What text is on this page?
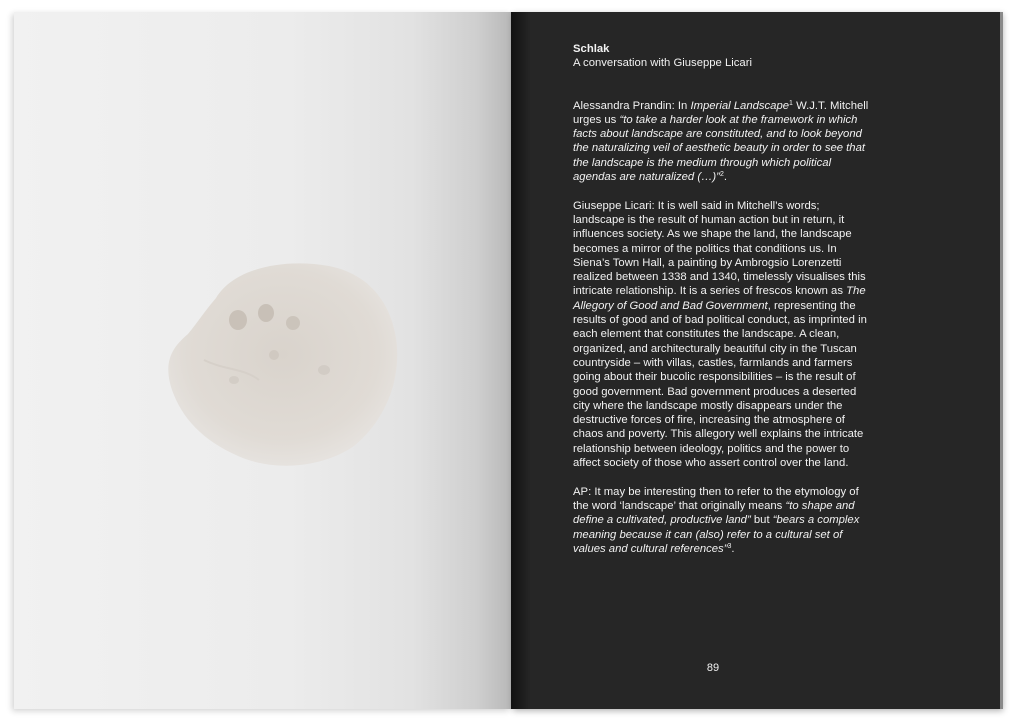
Schlak
A conversation with Giuseppe Licari

Alessandra Prandin: In Imperial Landscape$^1$ W.J.T. Mitchell urges us “to take a harder look at the framework in which facts about landscape are constituted, and to look beyond the naturalizing veil of aesthetic beauty in order to see that the landscape is the medium through which political agendas are naturalized (…)”$^2$.

Giuseppe Licari: It is well said in Mitchell’s words; landscape is the result of human action but in return, it influences society. As we shape the land, the landscape becomes a mirror of the politics that conditions us. In Siena’s Town Hall, a painting by Ambrogsio Lorenzetti realized between 1338 and 1340, timelessly visualises this intricate relationship. It is a series of frescos known as The Allegory of Good and Bad Government, representing the results of good and of bad political conduct, as imprinted in each element that constitutes the landscape. A clean, organized, and architecturally beautiful city in the Tuscan countryside – with villas, castles, farmlands and farmers going about their bucolic responsibilities – is the result of good government. Bad government produces a deserted city where the landscape mostly disappears under the destructive forces of fire, increasing the atmosphere of chaos and poverty. This allegory well explains the intricate relationship between ideology, politics and the power to affect society of those who assert control over the land.

AP: It may be interesting then to refer to the etymology of the word ‘landscape’ that originally means “to shape and define a cultivated, productive land” but “bears a complex meaning because it can (also) refer to a cultural set of values and cultural references”$^3$.

89
